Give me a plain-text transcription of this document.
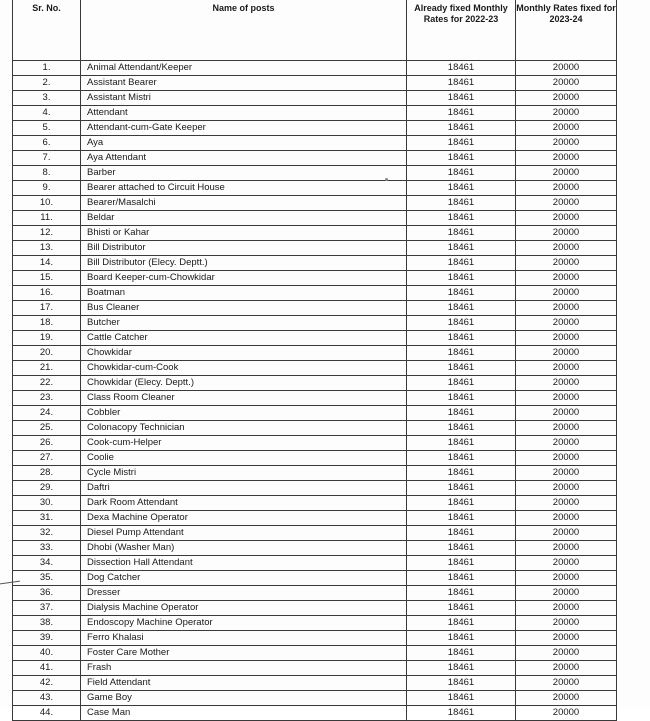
Sr. No.	Name of posts	Already fixed Monthly Rates for 2022-23	Monthly Rates fixed for 2023-24
1.	Animal Attendant/Keeper	18461	20000
2.	Assistant Bearer	18461	20000
3.	Assistant Mistri	18461	20000
4.	Attendant	18461	20000
5.	Attendant-cum-Gate Keeper	18461	20000
6.	Aya	18461	20000
7.	Aya Attendant	18461	20000
8.	Barber	18461	20000
9.	Bearer attached to Circuit House	18461	20000
10.	Bearer/Masalchi	18461	20000
11.	Beldar	18461	20000
12.	Bhisti or Kahar	18461	20000
13.	Bill Distributor	18461	20000
14.	Bill Distributor (Elecy. Deptt.)	18461	20000
15.	Board Keeper-cum-Chowkidar	18461	20000
16.	Boatman	18461	20000
17.	Bus Cleaner	18461	20000
18.	Butcher	18461	20000
19.	Cattle Catcher	18461	20000
20.	Chowkidar	18461	20000
21.	Chowkidar-cum-Cook	18461	20000
22.	Chowkidar (Elecy. Deptt.)	18461	20000
23.	Class Room Cleaner	18461	20000
24.	Cobbler	18461	20000
25.	Colonacopy Technician	18461	20000
26.	Cook-cum-Helper	18461	20000
27.	Coolie	18461	20000
28.	Cycle Mistri	18461	20000
29.	Daftri	18461	20000
30.	Dark Room Attendant	18461	20000
31.	Dexa Machine Operator	18461	20000
32.	Diesel Pump Attendant	18461	20000
33.	Dhobi (Washer Man)	18461	20000
34.	Dissection Hall Attendant	18461	20000
35.	Dog Catcher	18461	20000
36.	Dresser	18461	20000
37.	Dialysis Machine Operator	18461	20000
38.	Endoscopy Machine Operator	18461	20000
39.	Ferro Khalasi	18461	20000
40.	Foster Care Mother	18461	20000
41.	Frash	18461	20000
42.	Field Attendant	18461	20000
43.	Game Boy	18461	20000
44.	Case Man	18461	20000
